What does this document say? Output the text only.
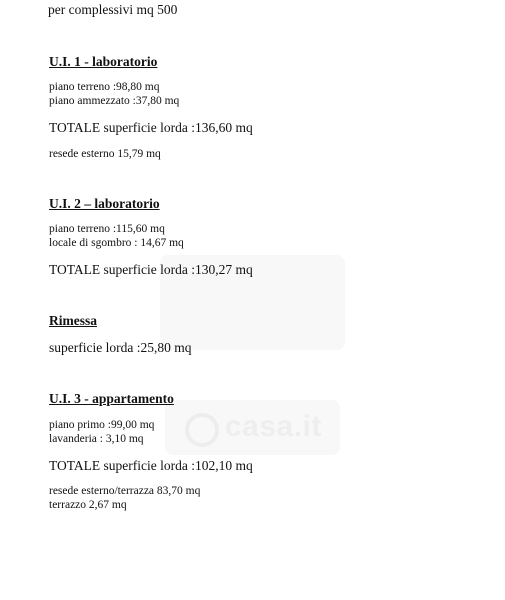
casa.it
per complessivi mq 500
U.I. 1 - laboratorio
piano terreno :98,80 mq
piano ammezzato :37,80 mq
TOTALE superficie lorda :136,60 mq
resede esterno 15,79 mq
U.I. 2 – laboratorio
piano terreno :115,60 mq
locale di sgombro : 14,67 mq
TOTALE superficie lorda :130,27 mq
Rimessa
superficie lorda :25,80 mq
U.I. 3 - appartamento
piano primo :99,00 mq
lavanderia : 3,10 mq
TOTALE superficie lorda :102,10 mq
resede esterno/terrazza 83,70 mq
terrazzo 2,67 mq
